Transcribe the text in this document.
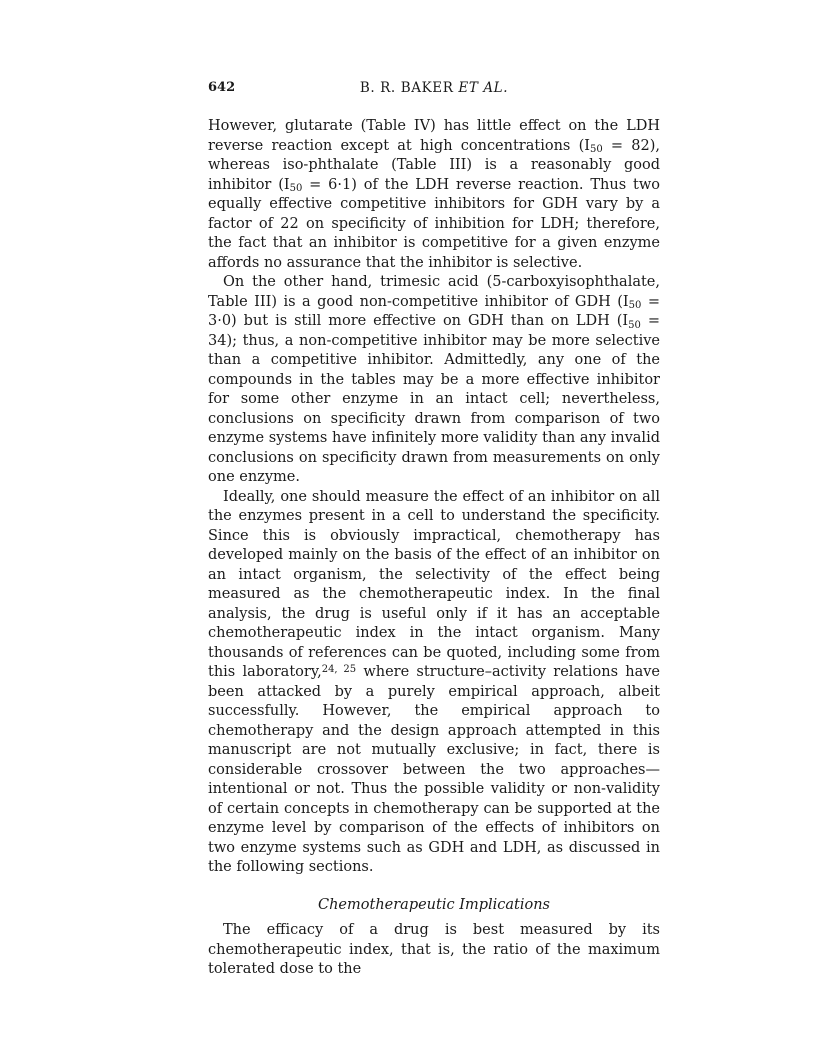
642	B. R. BAKER ET AL.

However, glutarate (Table IV) has little effect on the LDH reverse reaction except at high concentrations $(I_{50} = 82)$, whereas iso-phthalate (Table III) is a reasonably good inhibitor $(I_{50} = 6\cdot 1)$ of the LDH reverse reaction. Thus two equally effective competitive inhibitors for GDH vary by a factor of 22 on specificity of inhibition for LDH; therefore, the fact that an inhibitor is competitive for a given enzyme affords no assurance that the inhibitor is selective.

On the other hand, trimesic acid (5-carboxyisophthalate, Table III) is a good non-competitive inhibitor of GDH $(I_{50} = 3\cdot 0)$ but is still more effective on GDH than on LDH $(I_{50} = 34)$; thus, a non-competitive inhibitor may be more selective than a competitive inhibitor. Admittedly, any one of the compounds in the tables may be a more effective inhibitor for some other enzyme in an intact cell; nevertheless, conclusions on specificity drawn from comparison of two enzyme systems have infinitely more validity than any invalid conclusions on specificity drawn from measurements on only one enzyme.

Ideally, one should measure the effect of an inhibitor on all the enzymes present in a cell to understand the specificity. Since this is obviously impractical, chemotherapy has developed mainly on the basis of the effect of an inhibitor on an intact organism, the selectivity of the effect being measured as the chemotherapeutic index. In the final analysis, the drug is useful only if it has an acceptable chemotherapeutic index in the intact organism. Many thousands of references can be quoted, including some from this laboratory,$^{24, 25}$ where structure–activity relations have been attacked by a purely empirical approach, albeit successfully. However, the empirical approach to chemotherapy and the design approach attempted in this manuscript are not mutually exclusive; in fact, there is considerable crossover between the two approaches—intentional or not. Thus the possible validity or non-validity of certain concepts in chemotherapy can be supported at the enzyme level by comparison of the effects of inhibitors on two enzyme systems such as GDH and LDH, as discussed in the following sections.

Chemotherapeutic Implications

The efficacy of a drug is best measured by its chemotherapeutic index, that is, the ratio of the maximum tolerated dose to the
